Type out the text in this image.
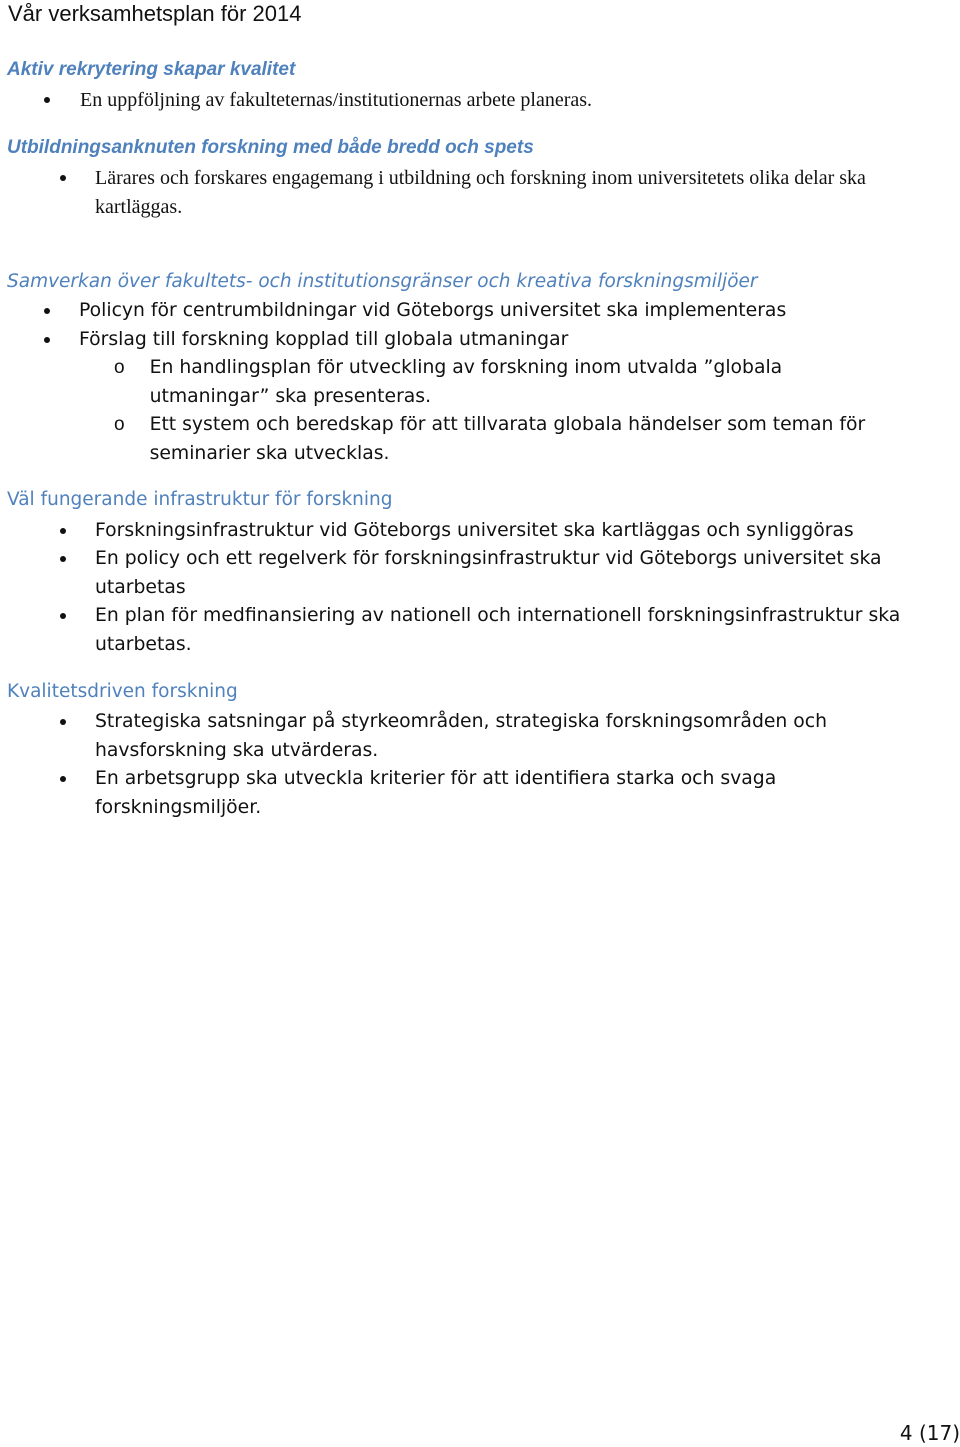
Vår verksamhetsplan för 2014
Aktiv rekrytering skapar kvalitet
En uppföljning av fakulteternas/institutionernas arbete planeras.
Utbildningsanknuten forskning med både bredd och spets
Lärares och forskares engagemang i utbildning och forskning inom universitetets olika delar ska kartläggas.
Samverkan över fakultets- och institutionsgränser och kreativa forskningsmiljöer
Policyn för centrumbildningar vid Göteborgs universitet ska implementeras
Förslag till forskning kopplad till globala utmaningar
o En handlingsplan för utveckling av forskning inom utvalda ”globala utmaningar” ska presenteras.
o Ett system och beredskap för att tillvarata globala händelser som teman för seminarier ska utvecklas.
Väl fungerande infrastruktur för forskning
Forskningsinfrastruktur vid Göteborgs universitet ska kartläggas och synliggöras
En policy och ett regelverk för forskningsinfrastruktur vid Göteborgs universitet ska utarbetas
En plan för medfinansiering av nationell och internationell forskningsinfrastruktur ska utarbetas.
Kvalitetsdriven forskning
Strategiska satsningar på styrkeområden, strategiska forskningsområden och havsforskning ska utvärderas.
En arbetsgrupp ska utveckla kriterier för att identifiera starka och svaga forskningsmiljöer.
4 (17)
